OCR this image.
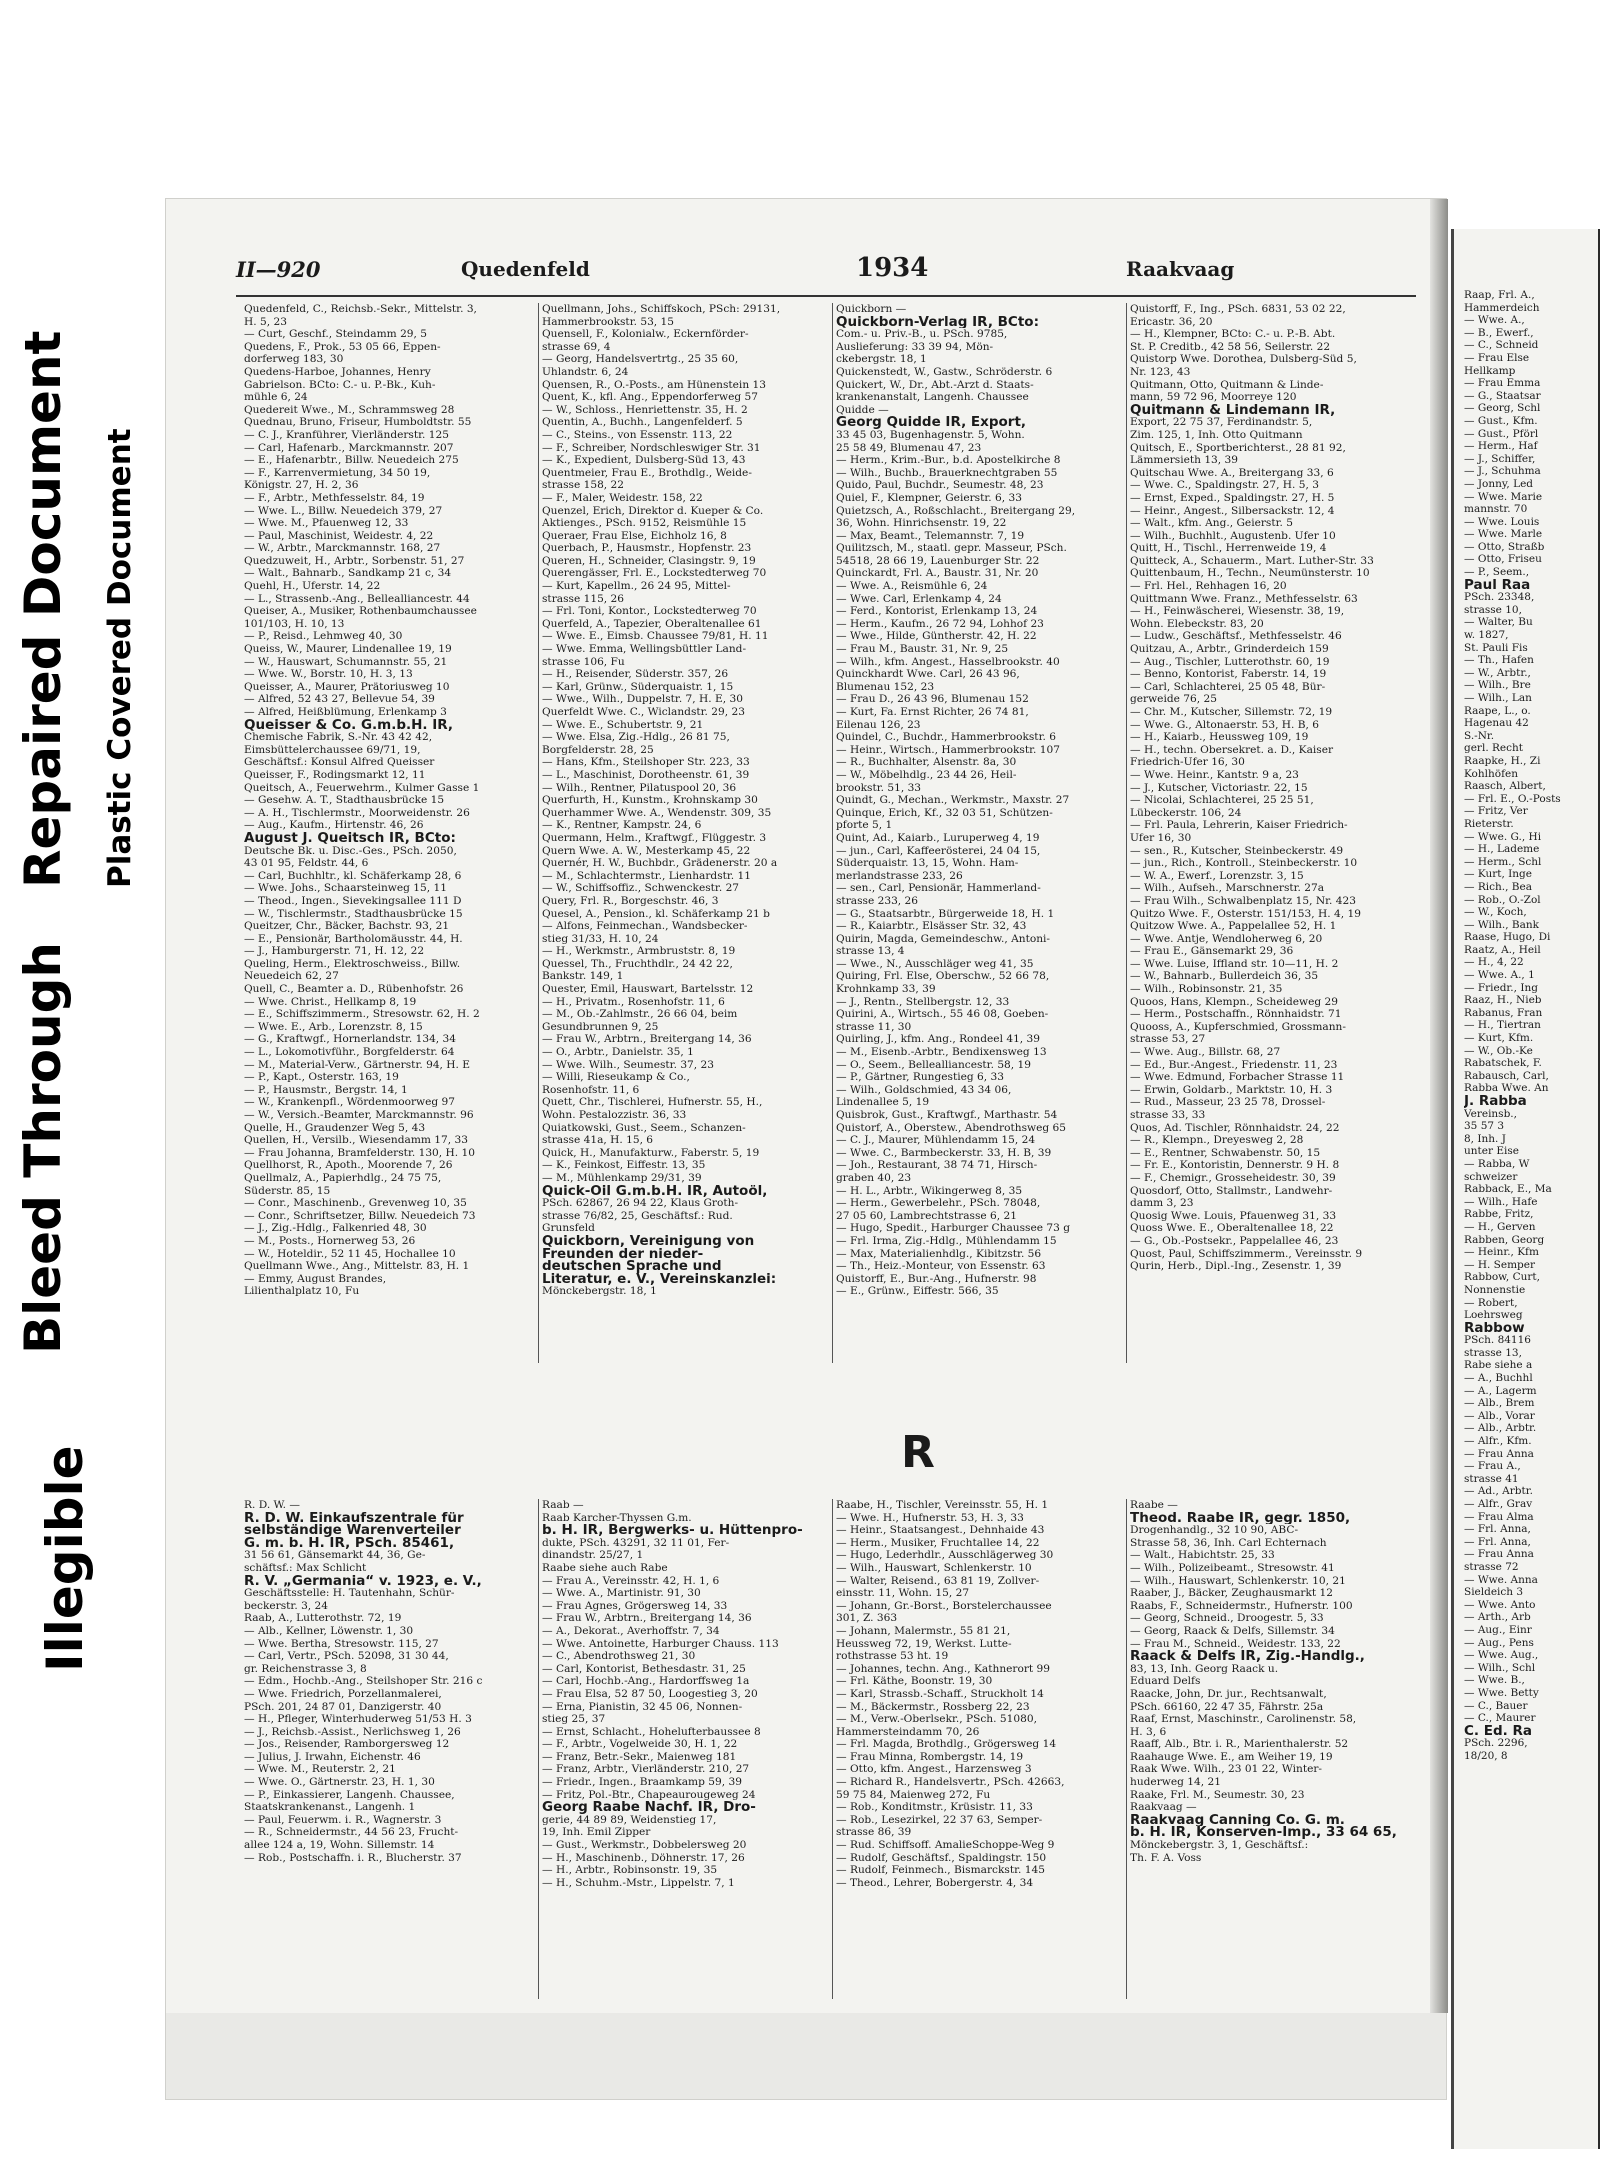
Illegible
Bleed Through
Repaired Document Plastic Covered Document
II—920	Quedenfeld	1934	Raakvaag
Quedenfeld, C., Reichsb.-Sekr., Mittelstr. 3,
H. 5, 23
— Curt, Geschf., Steindamm 29, 5
Quedens, F., Prok., 53 05 66, Eppen-
dorferweg 183, 30
Quedens-Harboe, Johannes, Henry
Gabrielson. BCto: C.- u. P.-Bk., Kuh-
mühle 6, 24
Quedereit Wwe., M., Schrammsweg 28
Quednau, Bruno, Friseur, Humboldtstr. 55
— C. J., Kranführer, Vierländerstr. 125
— Carl, Hafenarb., Marckmannstr. 207
— E., Hafenarbtr., Billw. Neuedeich 275
— F., Karrenvermietung, 34 50 19,
Königstr. 27, H. 2, 36
— F., Arbtr., Methfesselstr. 84, 19
— Wwe. L., Billw. Neuedeich 379, 27
— Wwe. M., Pfauenweg 12, 33
— Paul, Maschinist, Weidestr. 4, 22
— W., Arbtr., Marckmannstr. 168, 27
Quedzuweit, H., Arbtr., Sorbenstr. 51, 27
— Walt., Bahnarb., Sandkamp 21 c, 34
Quehl, H., Uferstr. 14, 22
— L., Strassenb.-Ang., Bellealliancestr. 44
Queiser, A., Musiker, Rothenbaumchaussee
101/103, H. 10, 13
— P., Reisd., Lehmweg 40, 30
Queiss, W., Maurer, Lindenallee 19, 19
— W., Hauswart, Schumannstr. 55, 21
— Wwe. W., Borstr. 10, H. 3, 13
Queisser, A., Maurer, Prätoriusweg 10
— Alfred, 52 43 27, Bellevue 54, 39
— Alfred, Heißblümung, Erlenkamp 3
Queisser & Co. G.m.b.H. IR,
Chemische Fabrik, S.-Nr. 43 42 42,
Eimsbüttelerchaussee 69/71, 19,
Geschäftsf.: Konsul Alfred Queisser
Queisser, F., Rodingsmarkt 12, 11
Queitsch, A., Feuerwehrm., Kulmer Gasse 1
— Gesehw. A. T., Stadthausbrücke 15
— A. H., Tischlermstr., Moorweidenstr. 26
— Aug., Kaufm., Hirtenstr. 46, 26
August J. Queitsch IR, BCto:
Deutsche Bk. u. Disc.-Ges., PSch. 2050,
43 01 95, Feldstr. 44, 6
— Carl, Buchhltr., kl. Schäferkamp 28, 6
— Wwe. Johs., Schaarsteinweg 15, 11
— Theod., Ingen., Sievekingsallee 111 D
— W., Tischlermstr., Stadthausbrücke 15
Queitzer, Chr., Bäcker, Bachstr. 93, 21
— E., Pensionär, Bartholomäusstr. 44, H.
— J., Hamburgerstr. 71, H. 12, 22
Queling, Herm., Elektroschweiss., Billw.
Neuedeich 62, 27
Quell, C., Beamter a. D., Rübenhofstr. 26
— Wwe. Christ., Hellkamp 8, 19
— E., Schiffszimmerm., Stresowstr. 62, H. 2
— Wwe. E., Arb., Lorenzstr. 8, 15
— G., Kraftwgf., Hornerlandstr. 134, 34
— L., Lokomotivführ., Borgfelderstr. 64
— M., Material-Verw., Gärtnerstr. 94, H. E
— P., Kapt., Osterstr. 163, 19
— P., Hausmstr., Bergstr. 14, 1
— W., Krankenpfl., Wördenmoorweg 97
— W., Versich.-Beamter, Marckmannstr. 96
Quelle, H., Graudenzer Weg 5, 43
Quellen, H., Versilb., Wiesendamm 17, 33
— Frau Johanna, Bramfelderstr. 130, H. 10
Quellhorst, R., Apoth., Moorende 7, 26
Quellmalz, A., Papierhdlg., 24 75 75,
Süderstr. 85, 15
— Conr., Maschinenb., Grevenweg 10, 35
— Conr., Schriftsetzer, Billw. Neuedeich 73
— J., Zig.-Hdlg., Falkenried 48, 30
— M., Posts., Hornerweg 53, 26
— W., Hoteldir., 52 11 45, Hochallee 10
Quellmann Wwe., Ang., Mittelstr. 83, H. 1
— Emmy, August Brandes,
Lilienthalplatz 10, Fu
Quellmann, Johs., Schiffskoch, PSch: 29131,
Hammerbrookstr. 53, 15
Quensell, F., Kolonialw., Eckernförder-
strasse 69, 4
— Georg, Handelsvertrtg., 25 35 60,
Uhlandstr. 6, 24
Quensen, R., O.-Posts., am Hünenstein 13
Quent, K., kfl. Ang., Eppendorferweg 57
— W., Schloss., Henriettenstr. 35, H. 2
Quentin, A., Buchh., Langenfelderf. 5
— C., Steins., von Essenstr. 113, 22
— F., Schreiber, Nordschleswiger Str. 31
— K., Expedient, Dulsberg-Süd 13, 43
Quentmeier, Frau E., Brothdlg., Weide-
strasse 158, 22
— F., Maler, Weidestr. 158, 22
Quenzel, Erich, Direktor d. Kueper & Co.
Aktienges., PSch. 9152, Reismühle 15
Queraer, Frau Else, Eichholz 16, 8
Querbach, P., Hausmstr., Hopfenstr. 23
Queren, H., Schneider, Clasingstr. 9, 19
Querengässer, Frl. E., Lockstedterweg 70
— Kurt, Kapellm., 26 24 95, Mittel-
strasse 115, 26
— Frl. Toni, Kontor., Lockstedterweg 70
Querfeld, A., Tapezier, Oberaltenallee 61
— Wwe. E., Eimsb. Chaussee 79/81, H. 11
— Wwe. Emma, Wellingsbüttler Land-
strasse 106, Fu
— H., Reisender, Süderstr. 357, 26
— Karl, Grünw., Süderquaistr. 1, 15
— Wwe., Wilh., Duppelstr. 7, H. E, 30
Querfeldt Wwe. C., Wiclandstr. 29, 23
— Wwe. E., Schubertstr. 9, 21
— Wwe. Elsa, Zig.-Hdlg., 26 81 75,
Borgfelderstr. 28, 25
— Hans, Kfm., Steilshoper Str. 223, 33
— L., Maschinist, Dorotheenstr. 61, 39
— Wilh., Rentner, Pilatuspool 20, 36
Querfurth, H., Kunstm., Krohnskamp 30
Querhammer Wwe. A., Wendenstr. 309, 35
— K., Rentner, Kampstr. 24, 6
Quermann, Helm., Kraftwgf., Flüggestr. 3
Quern Wwe. A. W., Mesterkamp 45, 22
Quernér, H. W., Buchbdr., Grädenerstr. 20 a
— M., Schlachtermstr., Lienhardstr. 11
— W., Schiffsoffiz., Schwenckestr. 27
Query, Frl. R., Borgeschstr. 46, 3
Quesel, A., Pension., kl. Schäferkamp 21 b
— Alfons, Feinmechan., Wandsbecker-
stieg 31/33, H. 10, 24
— H., Werkmstr., Armbruststr. 8, 19
Quessel, Th., Fruchthdlr., 24 42 22,
Bankstr. 149, 1
Quester, Emil, Hauswart, Bartelsstr. 12
— H., Privatm., Rosenhofstr. 11, 6
— M., Ob.-Zahlmstr., 26 66 04, beim
Gesundbrunnen 9, 25
— Frau W., Arbtrn., Breitergang 14, 36
— O., Arbtr., Danielstr. 35, 1
— Wwe. Wilh., Seumestr. 37, 23
— Willi, Rieseukamp & Co.,
Rosenhofstr. 11, 6
Quett, Chr., Tischlerei, Hufnerstr. 55, H.,
Wohn. Pestalozzistr. 36, 33
Quiatkowski, Gust., Seem., Schanzen-
strasse 41a, H. 15, 6
Quick, H., Manufakturw., Faberstr. 5, 19
— K., Feinkost, Eiffestr. 13, 35
— M., Mühlenkamp 29/31, 39
Quick-Oil G.m.b.H. IR, Autoöl,
PSch. 62867, 26 94 22, Klaus Groth-
strasse 76/82, 25, Geschäftsf.: Rud.
Grunsfeld
Quickborn, Vereinigung von
Freunden der nieder-
deutschen Sprache und
Literatur, e. V., Vereinskanzlei:
Mönckebergstr. 18, 1
Quickborn —
Quickborn-Verlag IR, BCto:
Com.- u. Priv.-B., u. PSch. 9785,
Auslieferung: 33 39 94, Mön-
ckebergstr. 18, 1
Quickenstedt, W., Gastw., Schröderstr. 6
Quickert, W., Dr., Abt.-Arzt d. Staats-
krankenanstalt, Langenh. Chaussee
Quidde —
Georg Quidde IR, Export,
33 45 03, Bugenhagenstr. 5, Wohn.
25 58 49, Blumenau 47, 23
— Herm., Krim.-Bur., b.d. Apostelkirche 8
— Wilh., Buchb., Brauerknechtgraben 55
Quido, Paul, Buchdr., Seumestr. 48, 23
Quiel, F., Klempner, Geierstr. 6, 33
Quietzsch, A., Roßschlacht., Breitergang 29,
36, Wohn. Hinrichsenstr. 19, 22
— Max, Beamt., Telemannstr. 7, 19
Quilitzsch, M., staatl. gepr. Masseur, PSch.
54518, 28 66 19, Lauenburger Str. 22
Quinckardt, Frl. A., Baustr. 31, Nr. 20
— Wwe. A., Reismühle 6, 24
— Wwe. Carl, Erlenkamp 4, 24
— Ferd., Kontorist, Erlenkamp 13, 24
— Herm., Kaufm., 26 72 94, Lohhof 23
— Wwe., Hilde, Güntherstr. 42, H. 22
— Frau M., Baustr. 31, Nr. 9, 25
— Wilh., kfm. Angest., Hasselbrookstr. 40
Quinckhardt Wwe. Carl, 26 43 96,
Blumenau 152, 23
— Frau D., 26 43 96, Blumenau 152
— Kurt, Fa. Ernst Richter, 26 74 81,
Eilenau 126, 23
Quindel, C., Buchdr., Hammerbrookstr. 6
— Heinr., Wirtsch., Hammerbrookstr. 107
— R., Buchhalter, Alsenstr. 8a, 30
— W., Möbelhdlg., 23 44 26, Heil-
brookstr. 51, 33
Quindt, G., Mechan., Werkmstr., Maxstr. 27
Quinque, Erich, Kf., 32 03 51, Schützen-
pforte 5, 1
Quint, Ad., Kaiarb., Luruperweg 4, 19
— jun., Carl, Kaffeerösterei, 24 04 15,
Süderquaistr. 13, 15, Wohn. Ham-
merlandstrasse 233, 26
— sen., Carl, Pensionär, Hammerland-
strasse 233, 26
— G., Staatsarbtr., Bürgerweide 18, H. 1
— R., Kaiarbtr., Elsässer Str. 32, 43
Quirin, Magda, Gemeindeschw., Antoni-
strasse 13, 4
— Wwe., N., Ausschläger weg 41, 35
Quiring, Frl. Else, Oberschw., 52 66 78,
Krohnkamp 33, 39
— J., Rentn., Stellbergstr. 12, 33
Quirini, A., Wirtsch., 55 46 08, Goeben-
strasse 11, 30
Quirling, J., kfm. Ang., Rondeel 41, 39
— M., Eisenb.-Arbtr., Bendixensweg 13
— O., Seem., Bellealliancestr. 58, 19
— P., Gärtner, Rungestieg 6, 33
— Wilh., Goldschmied, 43 34 06,
Lindenallee 5, 19
Quisbrok, Gust., Kraftwgf., Marthastr. 54
Quistorf, A., Oberstew., Abendrothsweg 65
— C. J., Maurer, Mühlendamm 15, 24
— Wwe. C., Barmbeckerstr. 33, H. B, 39
— Joh., Restaurant, 38 74 71, Hirsch-
graben 40, 23
— H. L., Arbtr., Wikingerweg 8, 35
— Herm., Gewerbelehr., PSch. 78048,
27 05 60, Lambrechtstrasse 6, 21
— Hugo, Spedit., Harburger Chaussee 73 g
— Frl. Irma, Zig.-Hdlg., Mühlendamm 15
— Max, Materialienhdlg., Kibitzstr. 56
— Th., Heiz.-Monteur, von Essenstr. 63
Quistorff, E., Bur.-Ang., Hufnerstr. 98
— E., Grünw., Eiffestr. 566, 35
Quistorff, F., Ing., PSch. 6831, 53 02 22,
Ericastr. 36, 20
— H., Klempner, BCto: C.- u. P.-B. Abt.
St. P. Creditb., 42 58 56, Seilerstr. 22
Quistorp Wwe. Dorothea, Dulsberg-Süd 5,
Nr. 123, 43
Quitmann, Otto, Quitmann & Linde-
mann, 59 72 96, Moorreye 120
Quitmann & Lindemann IR,
Export, 22 75 37, Ferdinandstr. 5,
Zim. 125, 1, Inh. Otto Quitmann
Quitsch, E., Sportberichterst., 28 81 92,
Lämmersieth 13, 39
Quitschau Wwe. A., Breitergang 33, 6
— Wwe. C., Spaldingstr. 27, H. 5, 3
— Ernst, Exped., Spaldingstr. 27, H. 5
— Heinr., Angest., Silbersackstr. 12, 4
— Walt., kfm. Ang., Geierstr. 5
— Wilh., Buchhlt., Augustenb. Ufer 10
Quitt, H., Tischl., Herrenweide 19, 4
Quitteck, A., Schauerm., Mart. Luther-Str. 33
Quittenbaum, H., Techn., Neumünsterstr. 10
— Frl. Hel., Rehhagen 16, 20
Quittmann Wwe. Franz., Methfesselstr. 63
— H., Feinwäscherei, Wiesenstr. 38, 19,
Wohn. Elebeckstr. 83, 20
— Ludw., Geschäftsf., Methfesselstr. 46
Quitzau, A., Arbtr., Grinderdeich 159
— Aug., Tischler, Lutterothstr. 60, 19
— Benno, Kontorist, Faberstr. 14, 19
— Carl, Schlachterei, 25 05 48, Bür-
gerweide 76, 25
— Chr. M., Kutscher, Sillemstr. 72, 19
— Wwe. G., Altonaerstr. 53, H. B, 6
— H., Kaiarb., Heussweg 109, 19
— H., techn. Obersekret. a. D., Kaiser
Friedrich-Ufer 16, 30
— Wwe. Heinr., Kantstr. 9 a, 23
— J., Kutscher, Victoriastr. 22, 15
— Nicolai, Schlachterei, 25 25 51,
Lübeckerstr. 106, 24
— Frl. Paula, Lehrerin, Kaiser Friedrich-
Ufer 16, 30
— sen., R., Kutscher, Steinbeckerstr. 49
— jun., Rich., Kontroll., Steinbeckerstr. 10
— W. A., Ewerf., Lorenzstr. 3, 15
— Wilh., Aufseh., Marschnerstr. 27a
— Frau Wilh., Schwalbenplatz 15, Nr. 423
Quitzo Wwe. F., Osterstr. 151/153, H. 4, 19
Quitzow Wwe. A., Pappelallee 52, H. 1
— Wwe. Antje, Wendloherweg 6, 20
— Frau E., Gänsemarkt 29, 36
— Wwe. Luise, Iffland str. 10—11, H. 2
— W., Bahnarb., Bullerdeich 36, 35
— Wilh., Robinsonstr. 21, 35
Quoos, Hans, Klempn., Scheideweg 29
— Herm., Postschaffn., Rönnhaidstr. 71
Quooss, A., Kupferschmied, Grossmann-
strasse 53, 27
— Wwe. Aug., Billstr. 68, 27
— Ed., Bur.-Angest., Friedenstr. 11, 23
— Wwe. Edmund, Forbacher Strasse 11
— Erwin, Goldarb., Marktstr. 10, H. 3
— Rud., Masseur, 23 25 78, Drossel-
strasse 33, 33
Quos, Ad. Tischler, Rönnhaidstr. 24, 22
— R., Klempn., Dreyesweg 2, 28
— E., Rentner, Schwabenstr. 50, 15
— Fr. E., Kontoristin, Dennerstr. 9 H. 8
— F., Chemigr., Grosseheidestr. 30, 39
Quosdorf, Otto, Stallmstr., Landwehr-
damm 3, 23
Quosig Wwe. Louis, Pfauenweg 31, 33
Quoss Wwe. E., Oberaltenallee 18, 22
— G., Ob.-Postsekr., Pappelallee 46, 23
Quost, Paul, Schiffszimmerm., Vereinsstr. 9
Qurin, Herb., Dipl.-Ing., Zesenstr. 1, 39
R
R. D. W. —
R. D. W. Einkaufszentrale für
selbständige Warenverteiler
G. m. b. H. IR, PSch. 85461,
31 56 61, Gänsemarkt 44, 36, Ge-
schäftsf.: Max Schlicht
R. V. „Germania“ v. 1923, e. V.,
Geschäftsstelle: H. Tautenhahn, Schür-
beckerstr. 3, 24
Raab, A., Lutterothstr. 72, 19
— Alb., Kellner, Löwenstr. 1, 30
— Wwe. Bertha, Stresowstr. 115, 27
— Carl, Vertr., PSch. 52098, 31 30 44,
gr. Reichenstrasse 3, 8
— Edm., Hochb.-Ang., Steilshoper Str. 216 c
— Wwe. Friedrich, Porzellanmalerei,
PSch. 201, 24 87 01, Danzigerstr. 40
— H., Pfleger, Winterhuderweg 51/53 H. 3
— J., Reichsb.-Assist., Nerlichsweg 1, 26
— Jos., Reisender, Ramborgersweg 12
— Julius, J. Irwahn, Eichenstr. 46
— Wwe. M., Reuterstr. 2, 21
— Wwe. O., Gärtnerstr. 23, H. 1, 30
— P., Einkassierer, Langenh. Chaussee,
Staatskrankenanst., Langenh. 1
— Paul, Feuerwm. i. R., Wagnerstr. 3
— R., Schneidermstr., 44 56 23, Frucht-
allee 124 a, 19, Wohn. Sillemstr. 14
— Rob., Postschaffn. i. R., Blucherstr. 37
Raab —
Raab Karcher-Thyssen G.m.
b. H. IR, Bergwerks- u. Hüttenpro-
dukte, PSch. 43291, 32 11 01, Fer-
dinandstr. 25/27, 1
Raabe siehe auch Rabe
— Frau A., Vereinsstr. 42, H. 1, 6
— Wwe. A., Martinistr. 91, 30
— Frau Agnes, Grögersweg 14, 33
— Frau W., Arbtrn., Breitergang 14, 36
— A., Dekorat., Averhoffstr. 7, 34
— Wwe. Antoinette, Harburger Chauss. 113
— C., Abendrothsweg 21, 30
— Carl, Kontorist, Bethesdastr. 31, 25
— Carl, Hochb.-Ang., Hardorffsweg 1a
— Frau Elsa, 52 87 50, Loogestieg 3, 20
— Erna, Pianistin, 32 45 06, Nonnen-
stieg 25, 37
— Ernst, Schlacht., Hohelufterbaussee 8
— F., Arbtr., Vogelweide 30, H. 1, 22
— Franz, Betr.-Sekr., Maienweg 181
— Franz, Arbtr., Vierländerstr. 210, 27
— Friedr., Ingen., Braamkamp 59, 39
— Fritz, Pol.-Btr., Chapeaurougeweg 24
Georg Raabe Nachf. IR, Dro-
gerie, 44 89 89, Weidenstieg 17,
19, Inh. Emil Zipper
— Gust., Werkmstr., Dobbelersweg 20
— H., Maschinenb., Döhnerstr. 17, 26
— H., Arbtr., Robinsonstr. 19, 35
— H., Schuhm.-Mstr., Lippelstr. 7, 1
Raabe, H., Tischler, Vereinsstr. 55, H. 1
— Wwe. H., Hufnerstr. 53, H. 3, 33
— Heinr., Staatsangest., Dehnhaide 43
— Herm., Musiker, Fruchtallee 14, 22
— Hugo, Lederhdlr., Ausschlägerweg 30
— Wilh., Hauswart, Schlenkerstr. 10
— Walter, Reisend., 63 81 19, Zollver-
einsstr. 11, Wohn. 15, 27
— Johann, Gr.-Borst., Borstelerchaussee
301, Z. 363
— Johann, Malermstr., 55 81 21,
Heussweg 72, 19, Werkst. Lutte-
rothstrasse 53 ht. 19
— Johannes, techn. Ang., Kathnerort 99
— Frl. Käthe, Boonstr. 19, 30
— Karl, Strassb.-Schaff., Struckholt 14
— M., Bäckermstr., Rossberg 22, 23
— M., Verw.-Oberlsekr., PSch. 51080,
Hammersteindamm 70, 26
— Frl. Magda, Brothdlg., Grögersweg 14
— Frau Minna, Rombergstr. 14, 19
— Otto, kfm. Angest., Harzensweg 3
— Richard R., Handelsvertr., PSch. 42663,
59 75 84, Maienweg 272, Fu
— Rob., Konditmstr., Krüsistr. 11, 33
— Rob., Lesezirkel, 22 37 63, Semper-
strasse 86, 39
— Rud. Schiffsoff. AmalieSchoppe-Weg 9
— Rudolf, Geschäftsf., Spaldingstr. 150
— Rudolf, Feinmech., Bismarckstr. 145
— Theod., Lehrer, Bobergerstr. 4, 34
Raabe —
Theod. Raabe IR, gegr. 1850,
Drogenhandlg., 32 10 90, ABC-
Strasse 58, 36, Inh. Carl Echternach
— Walt., Habichtstr. 25, 33
— Wilh., Polizeibeamt., Stresowstr. 41
— Wilh., Hauswart, Schlenkerstr. 10, 21
Raaber, J., Bäcker, Zeughausmarkt 12
Raabs, F., Schneidermstr., Hufnerstr. 100
— Georg, Schneid., Droogestr. 5, 33
— Georg, Raack & Delfs, Sillemstr. 34
— Frau M., Schneid., Weidestr. 133, 22
Raack & Delfs IR, Zig.-Handlg.,
83, 13, Inh. Georg Raack u.
Eduard Delfs
Raacke, John, Dr. jur., Rechtsanwalt,
PSch. 66160, 22 47 35, Fährstr. 25a
Raaf, Ernst, Maschinstr., Carolinenstr. 58,
H. 3, 6
Raaff, Alb., Btr. i. R., Marienthalerstr. 52
Raahauge Wwe. E., am Weiher 19, 19
Raak Wwe. Wilh., 23 01 22, Winter-
huderweg 14, 21
Raake, Frl. M., Seumestr. 30, 23
Raakvaag —
Raakvaag Canning Co. G. m.
b. H. IR, Konserven-Imp., 33 64 65,
Mönckebergstr. 3, 1, Geschäftsf.:
Th. F. A. Voss
Raap, Frl. A.,
Hammerdeich
— Wwe. A.,
— B., Ewerf.,
— C., Schneid
— Frau Else
Hellkamp
— Frau Emma
— G., Staatsar
— Georg, Schl
— Gust., Kfm.
— Gust., Pförl
— Herm., Haf
— J., Schiffer,
— J., Schuhma
— Jonny, Led
— Wwe. Marie
mannstr. 70
— Wwe. Louis
— Wwe. Marle
— Otto, Straßb
— Otto, Friseu
— P., Seem.,
Paul Raa
PSch. 23348,
strasse 10,
— Walter, Bu
w. 1827,
St. Pauli Fis
— Th., Hafen
— W., Arbtr.,
— Wilh., Bre
— Wilh., Lan
Raape, L., o.
Hagenau 42
S.-Nr.
gerl. Recht
Raapke, H., Zi
Kohlhöfen
Raasch, Albert,
— Frl. E., O.-Posts
— Fritz, Ver
Rieterstr.
— Wwe. G., Hi
— H., Lademe
— Herm., Schl
— Kurt, Inge
— Rich., Bea
— Rob., O.-Zol
— W., Koch,
— Wilh., Bank
Raase, Hugo, Di
Raatz, A., Heil
— H., 4, 22
— Wwe. A., 1
— Friedr., Ing
Raaz, H., Nieb
Rabanus, Fran
— H., Tiertran
— Kurt, Kfm.
— W., Ob.-Ke
Rabatschek, F.
Rabausch, Carl,
Rabba Wwe. An
J. Rabba
Vereinsb.,
35 57 3
8, Inh. J
unter Eise
— Rabba, W
schweizer
Rabback, E., Ma
— Wilh., Hafe
Rabbe, Fritz,
— H., Gerven
Rabben, Georg
— Heinr., Kfm
— H. Semper
Rabbow, Curt,
Nonnenstie
— Robert,
Loehrsweg
Rabbow
PSch. 84116
strasse 13,
Rabe siehe a
— A., Buchhl
— A., Lagerm
— Alb., Brem
— Alb., Vorar
— Alb., Arbtr.
— Alfr., Kfm.
— Frau Anna
— Frau A.,
strasse 41
— Ad., Arbtr.
— Alfr., Grav
— Frau Alma
— Frl. Anna,
— Frl. Anna,
— Frau Anna
strasse 72
— Wwe. Anna
Sieldeich 3
— Wwe. Anto
— Arth., Arb
— Aug., Einr
— Aug., Pens
— Wwe. Aug.,
— Wilh., Schl
— Wwe. B.,
— Wwe. Betty
— C., Bauer
— C., Maurer
C. Ed. Ra
PSch. 2296,
18/20, 8
